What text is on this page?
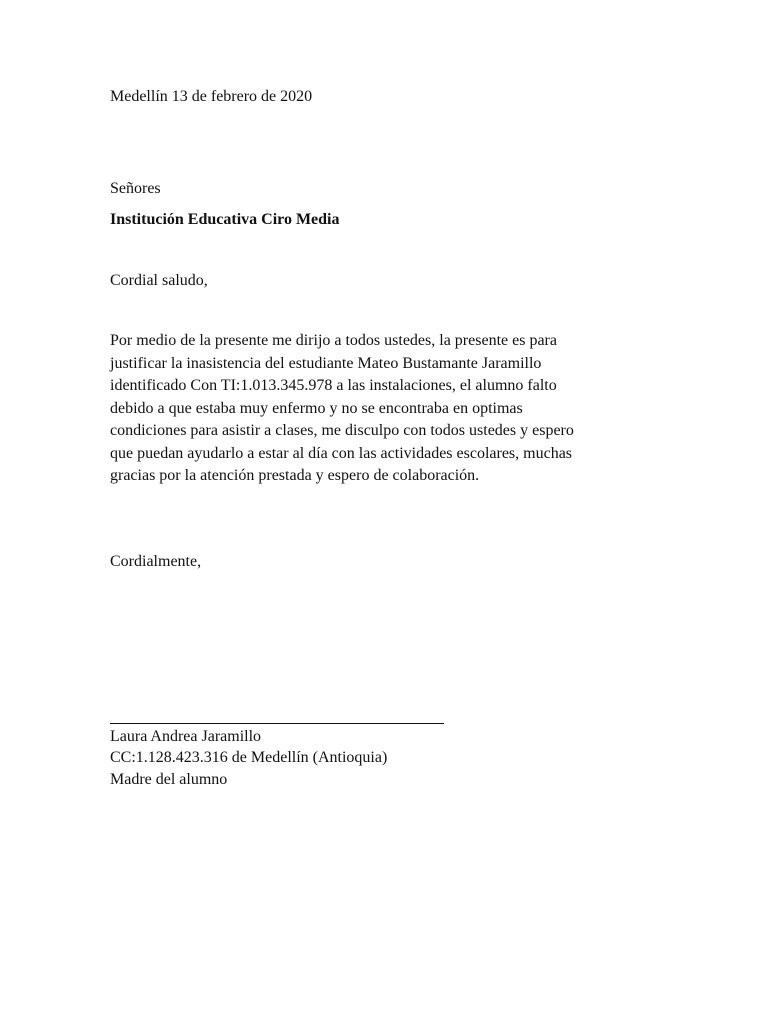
Medellín 13 de febrero de 2020

Señores

Institución Educativa Ciro Media

Cordial saludo,

Por medio de la presente me dirijo a todos ustedes, la presente es para
justificar la inasistencia del estudiante Mateo Bustamante Jaramillo
identificado Con TI:1.013.345.978 a las instalaciones, el alumno falto
debido a que estaba muy enfermo y no se encontraba en optimas
condiciones para asistir a clases, me disculpo con todos ustedes y espero
que puedan ayudarlo a estar al día con las actividades escolares, muchas
gracias por la atención prestada y espero de colaboración.

Cordialmente,

Laura Andrea Jaramillo

CC:1.128.423.316 de Medellín (Antioquia)

Madre del alumno
